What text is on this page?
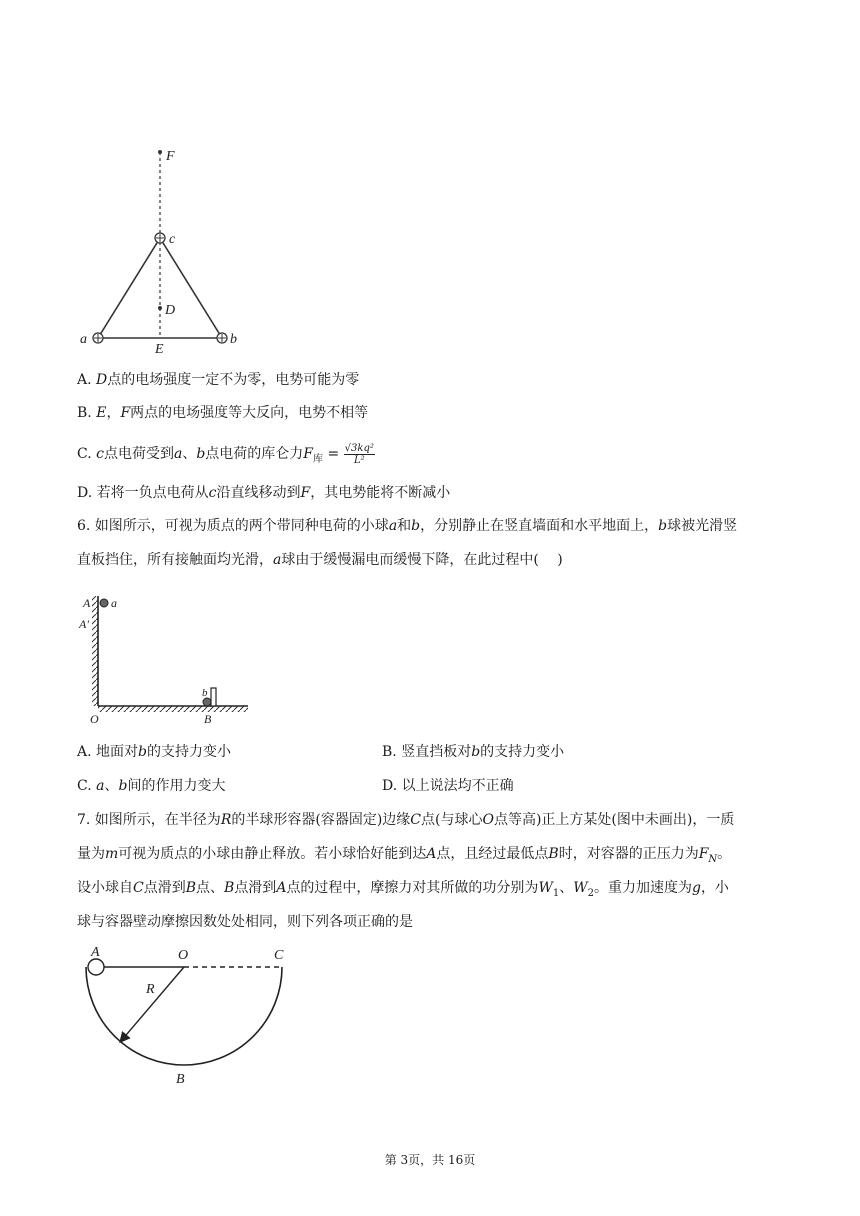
F
c
D
a	b
E
A. D点的电场强度一定不为零，电势可能为零
B. E，F两点的电场强度等大反向，电势不相等
C. c点电荷受到a、b点电荷的库仑力$F_库 = \frac{\text{√3kq²}}{\text{L²}}$
D. 若将一负点电荷从c沿直线移动到F，其电势能将不断减小
6. 如图所示，可视为质点的两个带同种电荷的小球a和b，分别静止在竖直墙面和水平地面上，b球被光滑竖
直板挡住，所有接触面均光滑，a球由于缓慢漏电而缓慢下降，在此过程中(　 )
A a
A'
b
O	B
A. 地面对b的支持力变小	B. 竖直挡板对b的支持力变小
C. a、b间的作用力变大	D. 以上说法均不正确
7. 如图所示，在半径为R的半球形容器(容器固定)边缘C点(与球心O点等高)正上方某处(图中未画出)，一质
量为m可视为质点的小球由静止释放。若小球恰好能到达A点，且经过最低点B时，对容器的正压力为$F_N$。
设小球自C点滑到B点、B点滑到A点的过程中，摩擦力对其所做的功分别为$W_1$、$W_2$。重力加速度为g，小
球与容器壁动摩擦因数处处相同，则下列各项正确的是
A	O	C
R
B
第 3页，共 16页
